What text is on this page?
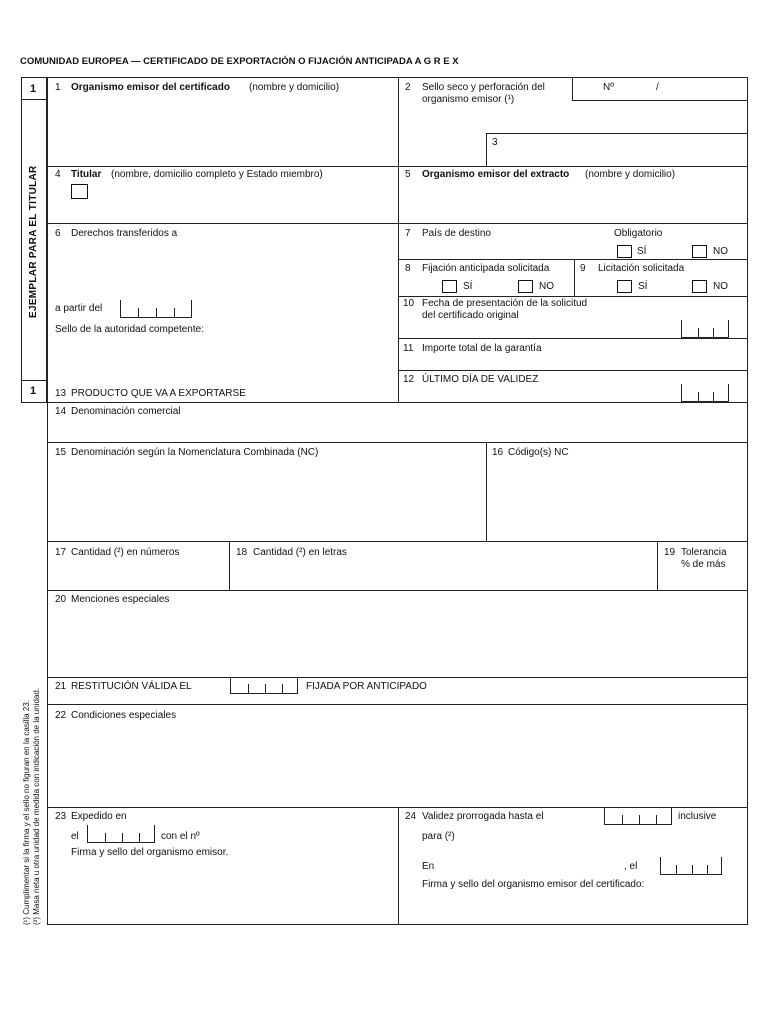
COMUNIDAD EUROPEA — CERTIFICADO DE EXPORTACIÓN O FIJACIÓN ANTICIPADA A G R E X
1
1
EJEMPLAR PARA EL TITULAR
(¹) Cumplimentar si la firma y el sello no figuran en la casilla 23. (²) Masa neta u otra unidad de medida con indicación de la unidad.
1 Organismo emisor del certificado (nombre y domicilio)	2 Sello seco y perforación del
organismo emisor (¹)
Nº	/
3
4 Titular (nombre, domicilio completo y Estado miembro)	5 Organismo emisor del extracto (nombre y domicilio)
6 Derechos transferidos a
a partir del
Sello de la autoridad competente:
7 País de destino	Obligatorio
SÍ	NO
8 Fijación anticipada solicitada
SÍ	NO
9 Licitación solicitada
SÍ	NO
10 Fecha de presentación de la solicitud
del certificado original
11 Importe total de la garantía
12 ÚLTIMO DÍA DE VALIDEZ
13 PRODUCTO QUE VA A EXPORTARSE
14 Denominación comercial
15 Denominación según la Nomenclatura Combinada (NC)	16 Código(s) NC
17 Cantidad (²) en números	18 Cantidad (²) en letras	19 Tolerancia
% de más
20 Menciones especiales
21 RESTITUCIÓN VÁLIDA EL	FIJADA POR ANTICIPADO
22 Condiciones especiales
23 Expedido en
el	con el nº
Firma y sello del organismo emisor.
24 Validez prorrogada hasta el	inclusive
para (²)
En	, el
Firma y sello del organismo emisor del certificado:
